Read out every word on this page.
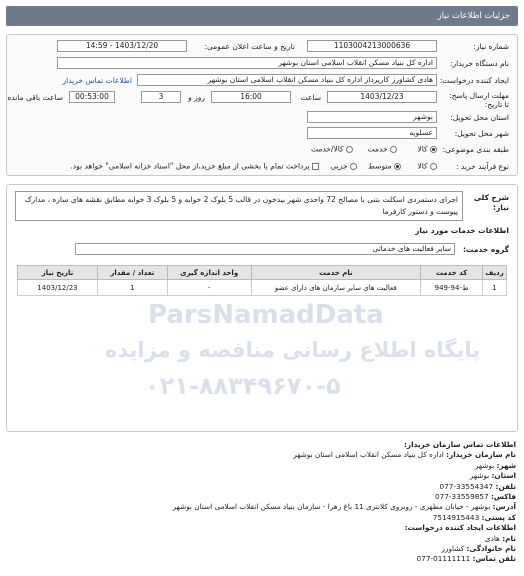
جزئیات اطلاعات نیاز
شماره نیاز:
1103004213000636
تاریخ و ساعت اعلان عمومی:
1403/12/20 - 14:59
نام دستگاه خریدار:
اداره کل بنیاد مسکن انقلاب اسلامی استان بوشهر
ایجاد کننده درخواست:
هادی کشاورز کارپرداز اداره کل بنیاد مسکن انقلاب اسلامی استان بوشهر
اطلاعات تماس خریدار
مهلت ارسال پاسخ: تا تاریخ:
1403/12/23
ساعت
16:00
3	روز و
00:53:00
ساعت باقی مانده
استان محل تحویل:
بوشهر
شهر محل تحویل:
عسلویه
طبقه بندی موضوعی:
کالا
خدمت
کالا/خدمت
نوع فرآیند خرید :
کالا
متوسط
جزیی
پرداخت تمام یا بخشی از مبلغ خرید،از محل "اسناد خزانه اسلامی" خواهد بود.
شرح کلی نیاز:
اجرای دستمزدی اسکلت بتنی با مصالح 72 واحدی شهر بیدخون در قالب 5 بلوک 2 خوابه و 5 بلوک 3 خوابه مطابق نقشه های سازه ، مدارک پیوست و دستور کارفرما
اطلاعات خدمات مورد نیاز
گروه خدمت:
سایر فعالیت های خدماتی
ردیف	کد خدمت	نام خدمت	واحد اندازه گیری	تعداد / مقدار	تاریخ نیاز
1	ط-94-949	فعالیت های سایر سازمان های دارای عضو	-	1	1403/12/23
اطلاعات تماس سازمان خریدار:
نام سازمان خریدار: اداره کل بنیاد مسکن انقلاب اسلامی استان بوشهر
شهر: بوشهر
استان: بوشهر
تلفن: 077-33554347
فاکس: 077-33559857
آدرس: بوشهر - خیابان مطهری - روبروی کلانتری 11 باغ زهرا - سازمان بنیاد مسکن انقلاب اسلامی استان بوشهر
کد پستی: 7514915443
اطلاعات ایجاد کننده درخواست:
نام: هادی
نام خانوادگی: کشاورز
تلفن تماس: 077-01111111
ParsNamadData
پایگاه اطلاع رسانی مناقصه و مزایده
۰۲۱-۸۸۳۴۹۶۷۰-۵
